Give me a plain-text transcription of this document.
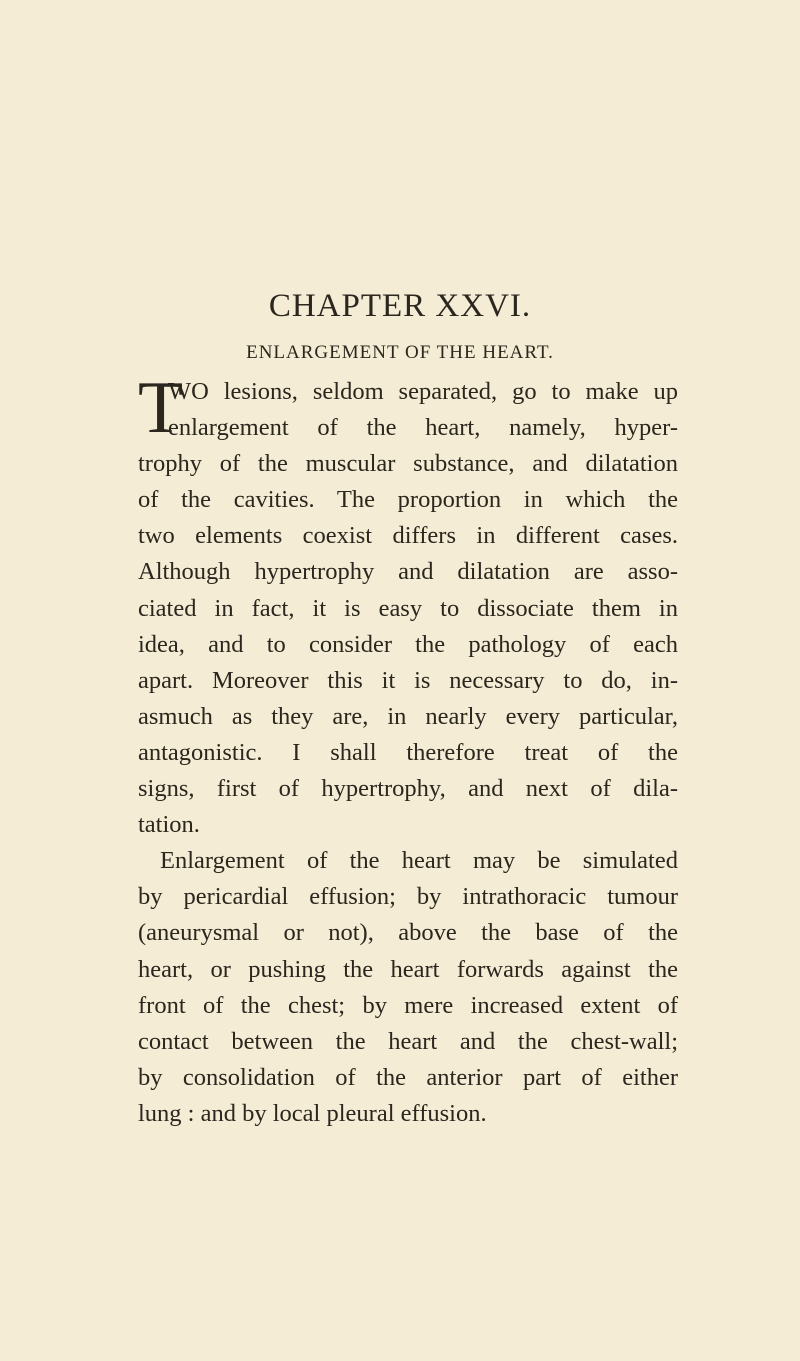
CHAPTER XXVI.
ENLARGEMENT OF THE HEART.
T
WO lesions, seldom separated, go to make up
enlargement of the heart, namely, hyper-
trophy of the muscular substance, and dilatation
of the cavities. The proportion in which the
two elements coexist differs in different cases.
Although hypertrophy and dilatation are asso-
ciated in fact, it is easy to dissociate them in
idea, and to consider the pathology of each
apart. Moreover this it is necessary to do, in-
asmuch as they are, in nearly every particular,
antagonistic. I shall therefore treat of the
signs, first of hypertrophy, and next of dila-
tation.
Enlargement of the heart may be simulated
by pericardial effusion; by intrathoracic tumour
(aneurysmal or not), above the base of the
heart, or pushing the heart forwards against the
front of the chest; by mere increased extent of
contact between the heart and the chest-wall;
by consolidation of the anterior part of either
lung : and by local pleural effusion.
